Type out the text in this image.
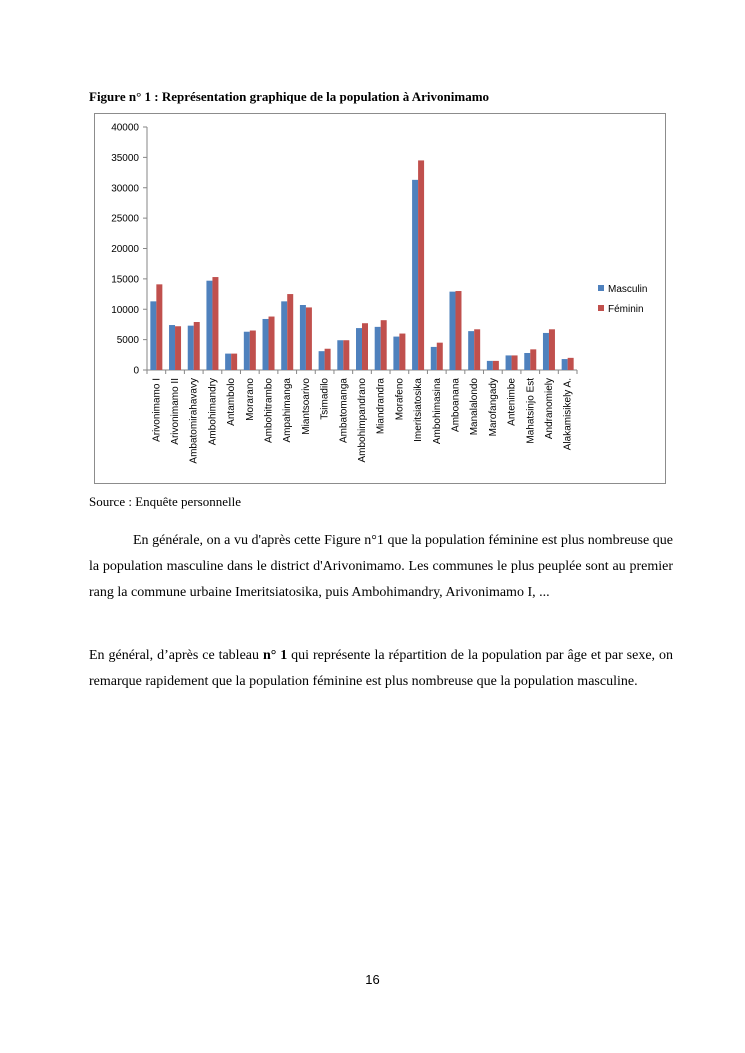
Figure n° 1 : Représentation graphique de la population à Arivonimamo
0
5000
10000
15000
20000
25000
30000
35000
40000
Arivonimamo I Arivonimamo II Ambatomirahavavy Ambohimandry Antambolo Morarano Ambohitrambo Ampahimanga Miantsoarivo Tsimadilo Ambatomanga Ambohimpandrano Miandrandra Morafeno Imeritsiatosika Ambohimasina Amboanana Manalalondo Marofangady Antenimbe Mahatsinjo Est Andranomiely Alakamisikely A.
Masculin
Féminin
Source : Enquête personnelle

En générale, on a vu d'après cette Figure n°1 que la population féminine est plus nombreuse que la population masculine dans le district d'Arivonimamo. Les communes le plus peuplée sont au premier rang la commune urbaine Imeritsiatosika, puis Ambohimandry, Arivonimamo I, ...

En général, d’après ce tableau n° 1 qui représente la répartition de la population par âge et par sexe, on remarque rapidement que la population féminine est plus nombreuse que la population masculine.

16
